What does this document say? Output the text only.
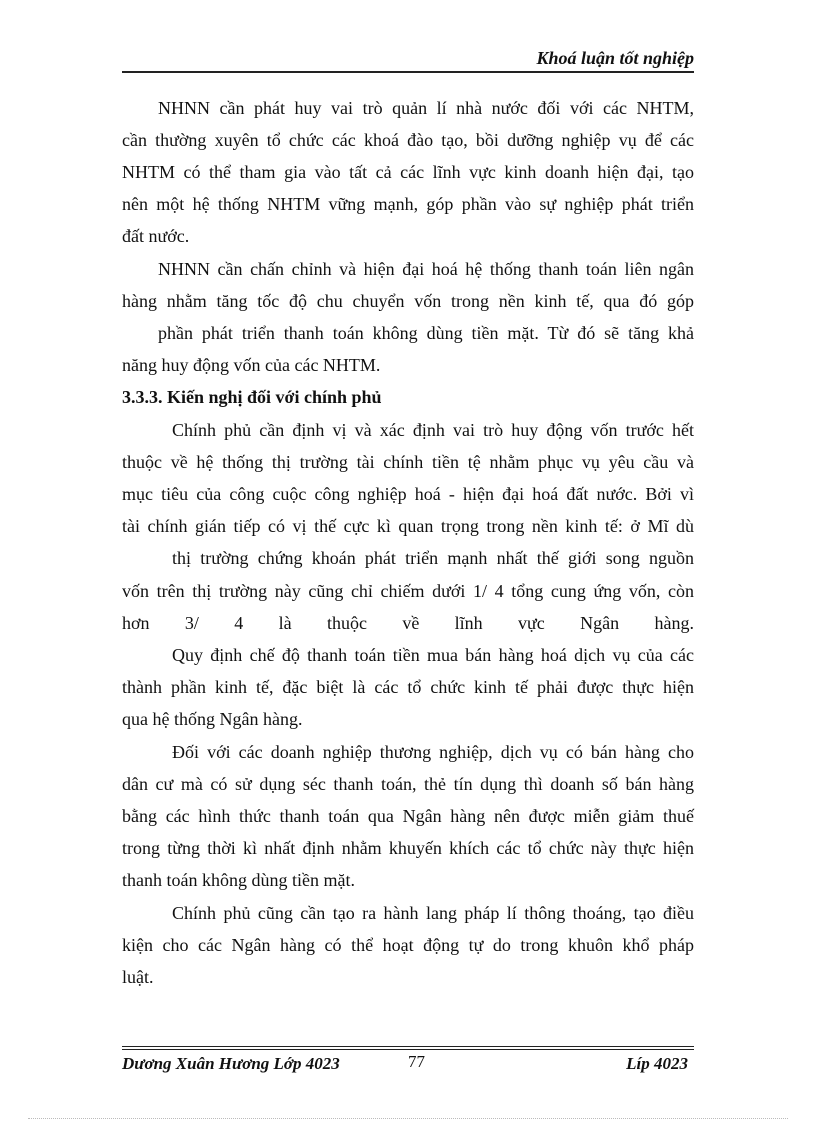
Khoá luận tốt nghiệp
NHNN cần phát huy vai trò quản lí nhà nước đối với các NHTM,
cần thường xuyên tổ chức các khoá đào tạo, bồi dưỡng nghiệp vụ để các
NHTM có thể tham gia vào tất cả các lĩnh vực kinh doanh hiện đại, tạo
nên một hệ thống NHTM vững mạnh, góp phần vào sự nghiệp phát triển
đất nước.
NHNN cần chấn chỉnh và hiện đại hoá hệ thống thanh toán liên ngân
hàng nhằm tăng tốc độ chu chuyển vốn trong nền kinh tế, qua đó góp
phần phát triển thanh toán không dùng tiền mặt. Từ đó sẽ tăng khả
năng huy động vốn của các NHTM.
3.3.3. Kiến nghị đối với chính phủ
Chính phủ cần định vị và xác định vai trò huy động vốn trước hết
thuộc về hệ thống thị trường tài chính tiền tệ nhằm phục vụ yêu cầu và
mục tiêu của công cuộc công nghiệp hoá - hiện đại hoá đất nước. Bởi vì
tài chính gián tiếp có vị thế cực kì quan trọng trong nền kinh tế: ở Mĩ dù
thị trường chứng khoán phát triển mạnh nhất thế giới song nguồn
vốn trên thị trường này cũng chỉ chiếm dưới 1/ 4 tổng cung ứng vốn, còn
hơn 3/ 4 là thuộc về lĩnh vực Ngân hàng.
Quy định chế độ thanh toán tiền mua bán hàng hoá dịch vụ của các
thành phần kinh tế, đặc biệt là các tổ chức kinh tế phải được thực hiện
qua hệ thống Ngân hàng.
Đối với các doanh nghiệp thương nghiệp, dịch vụ có bán hàng cho
dân cư mà có sử dụng séc thanh toán, thẻ tín dụng thì doanh số bán hàng
bằng các hình thức thanh toán qua Ngân hàng nên được miễn giảm thuế
trong từng thời kì nhất định nhằm khuyến khích các tổ chức này thực hiện
thanh toán không dùng tiền mặt.
Chính phủ cũng cần tạo ra hành lang pháp lí thông thoáng, tạo điều
kiện cho các Ngân hàng có thể hoạt động tự do trong khuôn khổ pháp
luật.
Dương Xuân Hương Lớp 4023	77	Líp 4023
